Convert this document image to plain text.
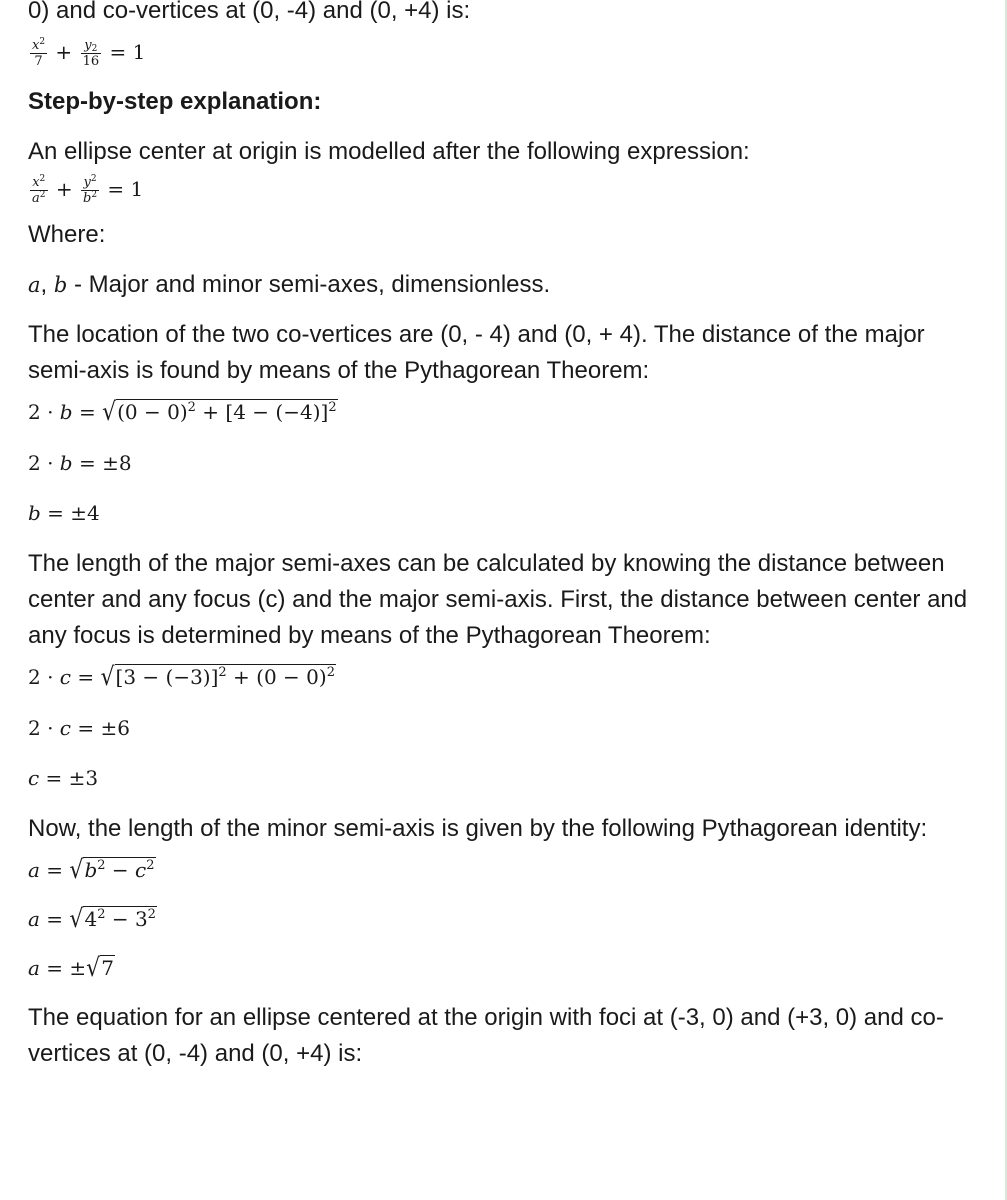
0) and co-vertices at (0, -4) and (0, +4) is:

$\frac{x^2}{7} + \frac{y_2}{16} = 1$

Step-by-step explanation:

An ellipse center at origin is modelled after the following expression:

$\frac{x^2}{a^2} + \frac{y^2}{b^2} = 1$

Where:

a, b - Major and minor semi-axes, dimensionless.

The location of the two co-vertices are (0, - 4) and (0, + 4). The distance of the major semi-axis is found by means of the Pythagorean Theorem:

$2 \cdot b = √(0 - 0)^2 + [4 - (-4)]^2$
2 · b = ±8
b = ±4

The length of the major semi-axes can be calculated by knowing the distance between center and any focus (c) and the major semi-axis. First, the distance between center and any focus is determined by means of the Pythagorean Theorem:

$2 \cdot c = √[3 - (-3)]^2 + (0 - 0)^2$
2 · c = ±6
c = ±3

Now, the length of the minor semi-axis is given by the following Pythagorean identity:

$a = √b^2 - c^2$
$a = √4^2 - 3^2$
a = ±√7

The equation for an ellipse centered at the origin with foci at (-3, 0) and (+3, 0) and co-vertices at (0, -4) and (0, +4) is:
